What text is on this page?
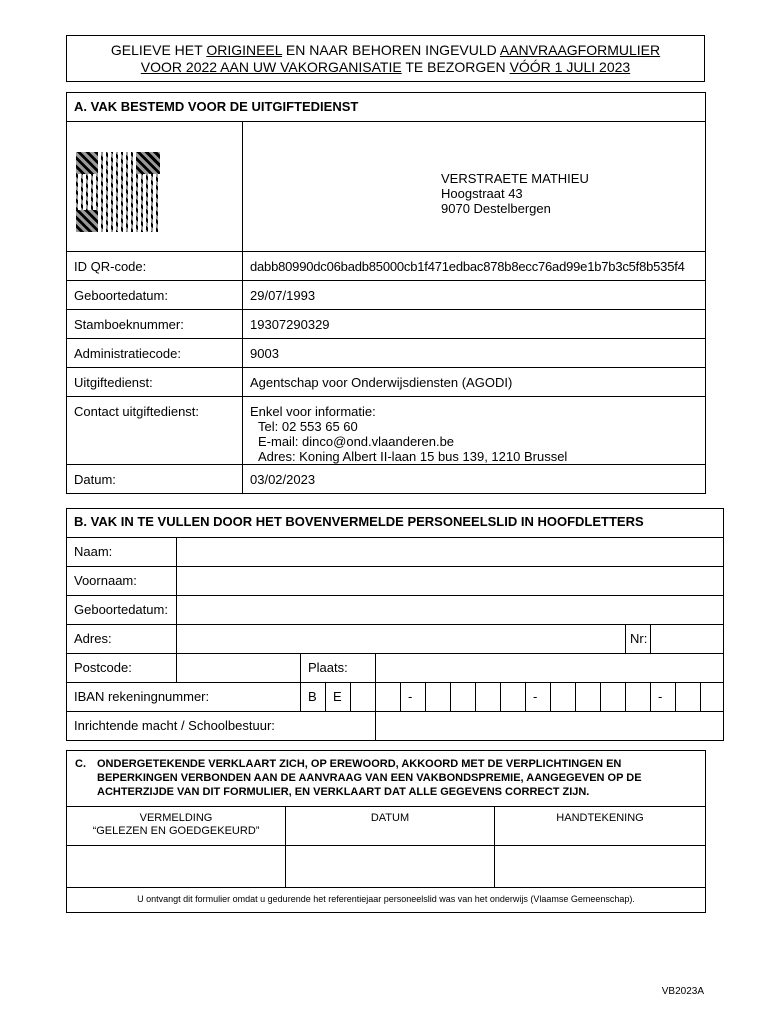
GELIEVE HET ORIGINEEL EN NAAR BEHOREN INGEVULD AANVRAAGFORMULIER
VOOR 2022 AAN UW VAKORGANISATIE TE BEZORGEN VÓÓR 1 JULI 2023
A. VAK BESTEMD VOOR DE UITGIFTEDIENST	

	VERSTRAETE MATHIEU
Hoogstraat 43
9070 Destelbergen

ID QR-code:	dabb80990dc06badb85000cb1f471edbac878b8ecc76ad99e1b7b3c5f8b535f4
Geboortedatum:	29/07/1993
Stamboeknummer:	19307290329
Administratiecode:	9003
Uitgiftedienst:	Agentschap voor Onderwijsdiensten (AGODI)
Contact uitgiftedienst:	Enkel voor informatie:
Tel: 02 553 65 60
E-mail: dinco@ond.vlaanderen.be
Adres: Koning Albert II-laan 15 bus 139, 1210 Brussel

Datum:	03/02/2023
B. VAK IN TE VULLEN DOOR HET BOVENVERMELDE PERSONEELSLID IN HOOFDLETTERS																		
Naam:																		
Voornaam:																		
Geboortedatum:																		
Adres:															Nr:			
Postcode:		Plaats:																
IBAN rekeningnummer:		B	E			-					-					-		
Inrichtende macht / Schoolbestuur:																		
C. ONDERGETEKENDE VERKLAART ZICH, OP EREWOORD, AKKOORD MET DE VERPLICHTINGEN EN BEPERKINGEN VERBONDEN AAN DE AANVRAAG VAN EEN VAKBONDSPREMIE, AANGEGEVEN OP DE ACHTERZIJDE VAN DIT FORMULIER, EN VERKLAART DAT ALLE GEGEVENS CORRECT ZIJN.		

VERMELDING
“GELEZEN EN GOEDGEKEURD”	DATUM	HANDTEKENING

U ontvangt dit formulier omdat u gedurende het referentiejaar personeelslid was van het onderwijs (Vlaamse Gemeenschap).		
VB2023A
